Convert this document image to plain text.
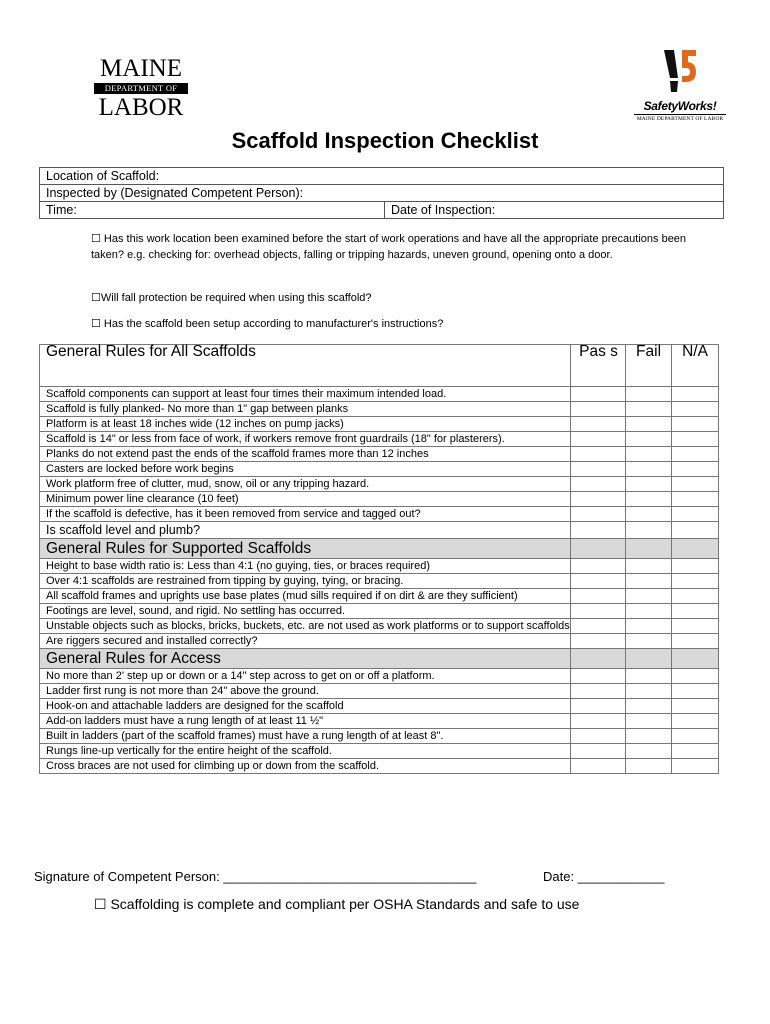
MAINE
DEPARTMENT OF
LABOR	SafetyWorks!
MAINE DEPARTMENT OF LABOR
Scaffold Inspection Checklist
Location of Scaffold:
Inspected by (Designated Competent Person):
Time:	Date of Inspection:
☐ Has this work location been examined before the start of work operations and have all the appropriate precautions been taken? e.g. checking for: overhead objects, falling or tripping hazards, uneven ground, opening onto a door.
☐Will fall protection be required when using this scaffold?
☐ Has the scaffold been setup according to manufacturer's instructions?
General Rules for All Scaffolds	Pas s	Fail	N/A
Scaffold components can support at least four times their maximum intended load.			
Scaffold is fully planked- No more than 1" gap between planks			
Platform is at least 18 inches wide (12 inches on pump jacks)			
Scaffold is 14" or less from face of work, if workers remove front guardrails (18" for plasterers).			
Planks do not extend past the ends of the scaffold frames more than 12 inches			
Casters are locked before work begins			
Work platform free of clutter, mud, snow, oil or any tripping hazard.			
Minimum power line clearance (10 feet)			
If the scaffold is defective, has it been removed from service and tagged out?			
Is scaffold level and plumb?			
General Rules for Supported Scaffolds			
Height to base width ratio is: Less than 4:1 (no guying, ties, or braces required)			
Over 4:1 scaffolds are restrained from tipping by guying, tying, or bracing.			
All scaffold frames and uprights use base plates (mud sills required if on dirt & are they sufficient)			
Footings are level, sound, and rigid. No settling has occurred.			
Unstable objects such as blocks, bricks, buckets, etc. are not used as work platforms or to support scaffolds			
Are riggers secured and installed correctly?			
General Rules for Access			
No more than 2' step up or down or a 14" step across to get on or off a platform.			
Ladder first rung is not more than 24" above the ground.			
Hook-on and attachable ladders are designed for the scaffold			
Add-on ladders must have a rung length of at least 11 ½"			
Built in ladders (part of the scaffold frames) must have a rung length of at least 8".			
Rungs line-up vertically for the entire height of the scaffold.			
Cross braces are not used for climbing up or down from the scaffold.			
Signature of Competent Person: ___________________________________	Date: ____________
☐ Scaffolding is complete and compliant per OSHA Standards and safe to use
